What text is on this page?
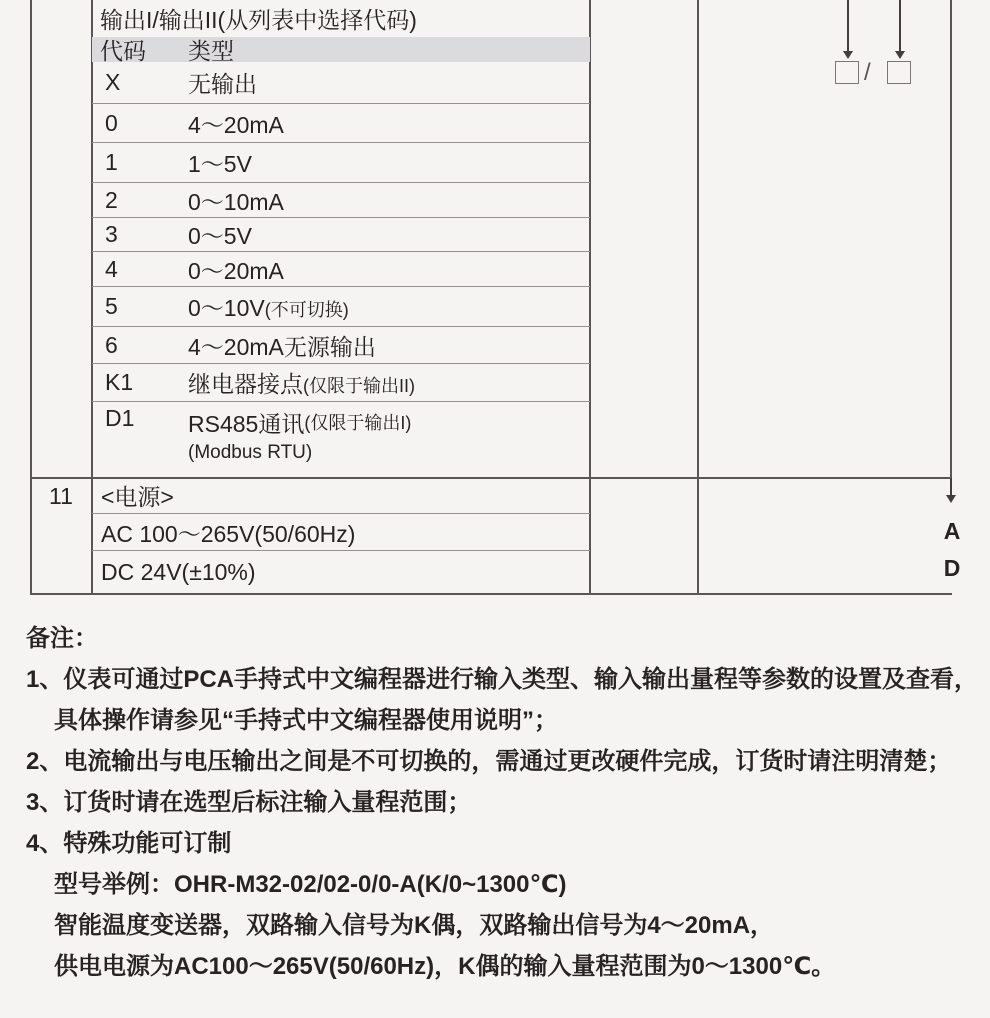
输出I/输出II(从列表中选择代码)
代码	类型
X	无输出
0	4～20mA
1	1～5V
2	0～10mA
3	0～5V
4	0～20mA
5	0～10V(不可切换)
6	4～20mA无源输出
K1	继电器接点(仅限于输出II)
D1	RS485通讯 (仅限于输出I)
(Modbus RTU)
11	<电源>
AC 100～265V(50/60Hz)
DC 24V(±10%)
/
A
D
备注：
1、仪表可通过PCA手持式中文编程器进行输入类型、输入输出量程等参数的设置及查看，
具体操作请参见“手持式中文编程器使用说明”；
2、电流输出与电压输出之间是不可切换的，需通过更改硬件完成，订货时请注明清楚；
3、订货时请在选型后标注输入量程范围；
4、特殊功能可订制
型号举例：OHR-M32-02/02-0/0-A(K/0~1300℃)
智能温度变送器，双路输入信号为K偶，双路输出信号为4～20mA，
供电电源为AC100～265V(50/60Hz)，K偶的输入量程范围为0～1300℃。
